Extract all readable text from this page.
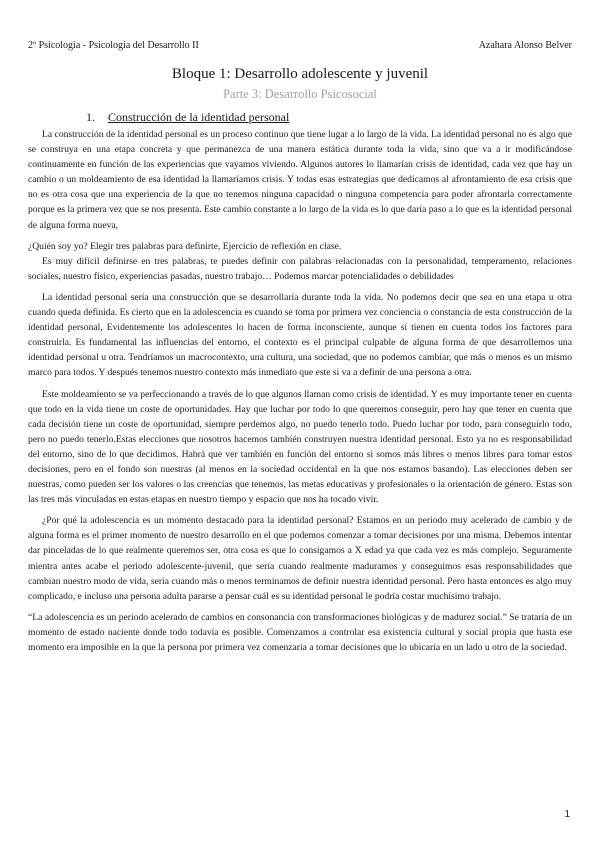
2º Psicología - Psicología del Desarrollo II	Azahara Alonso Belver
Bloque 1: Desarrollo adolescente y juvenil
Parte 3: Desarrollo Psicosocial
1. Construcción de la identidad personal

La construcción de la identidad personal es un proceso continuo que tiene lugar a lo largo de la vida. La identidad personal no es algo que se construya en una etapa concreta y que permanezca de una manera estática durante toda la vida, sino que va a ir modificándose continuamente en función de las experiencias que vayamos viviendo. Algunos autores lo llamarían crisis de identidad, cada vez que hay un cambio o un moldeamiento de esa identidad la llamaríamos crisis. Y todas esas estrategias que dedicamos al afrontamiento de esa crisis que no es otra cosa que una experiencia de la que no tenemos ninguna capacidad o ninguna competencia para poder afrontarla correctamente porque es la primera vez que se nos presenta. Este cambio constante a lo largo de la vida es lo que daría paso a lo que es la identidad personal de alguna forma nueva,

¿Quién soy yo? Elegir tres palabras para definirte, Ejercicio de reflexión en clase.

Es muy difícil definirse en tres palabras, te puedes definir con palabras relacionadas con la personalidad, temperamento, relaciones sociales, nuestro físico, experiencias pasadas, nuestro trabajo… Podemos marcar potencialidades o debilidades

La identidad personal sería una construcción que se desarrollaría durante toda la vida. No podemos decir que sea en una etapa u otra cuando queda definida. Es cierto que en la adolescencia es cuando se toma por primera vez conciencia o constancia de esta construcción de la identidad personal, Evidentemente los adolescentes lo hacen de forma inconsciente, aunque sí tienen en cuenta todos los factores para construirla. Es fundamental las influencias del entorno, el contexto es el principal culpable de alguna forma de que desarrollemos una identidad personal u otra. Tendríamos un macrocontexto, una cultura, una sociedad, que no podemos cambiar, que más o menos es un mismo marco para todos. Y después tenemos nuestro contexto más inmediato que este si va a definir de una persona a otra.

Este moldeamiento se va perfeccionando a través de lo que algunos llaman como crisis de identidad. Y es muy importante tener en cuenta que todo en la vida tiene un coste de oportunidades. Hay que luchar por todo lo que queremos conseguir, pero hay que tener en cuenta que cada decisión tiene un coste de oportunidad, siempre perdemos algo, no puedo tenerlo todo. Puedo luchar por todo, para conseguirlo todo, pero no puedo tenerlo.Estas elecciones que nosotros hacemos también construyen nuestra identidad personal. Esto ya no es responsabilidad del entorno, sino de lo que decidimos. Habrá que ver también en función del entorno si somos más libres o menos libres para tomar estos decisiones, pero en el fondo son nuestras (al menos en la sociedad occidental en la que nos estamos basando). Las elecciones deben ser nuestras, como pueden ser los valores o las creencias que tenemos, las metas educativas y profesionales o la orientación de género. Estas son las tres más vinculadas en estas etapas en nuestro tiempo y espacio que nos ha tocado vivir.

¿Por qué la adolescencia es un momento destacado para la identidad personal? Estamos en un periodo muy acelerado de cambio y de alguna forma es el primer momento de nuestro desarrollo en el que podemos comenzar a tomar decisiones por una misma. Debemos intentar dar pinceladas de lo que realmente queremos ser, otra cosa es que lo consigamos a X edad ya que cada vez es más complejo. Seguramente mientra antes acabe el periodo adolescente-juvenil, que sería cuando realmente maduramos y conseguimos esas responsabilidades que cambian nuestro modo de vida, sería cuando más o menos terminamos de definir nuestra identidad personal. Pero hasta entonces es algo muy complicado, e incluso una persona adulta pararse a pensar cuál es su identidad personal le podría costar muchísimo trabajo.

“La adolescencia es un periodo acelerado de cambios en consonancia con transformaciones biológicas y de madurez social.” Se trataría de un momento de estado naciente donde todo todavía es posible. Comenzamos a controlar esa existencia cultural y social propia que hasta ese momento era imposible en la que la persona por primera vez comenzaría a tomar decisiones que lo ubicaría en un lado u otro de la sociedad.

1
